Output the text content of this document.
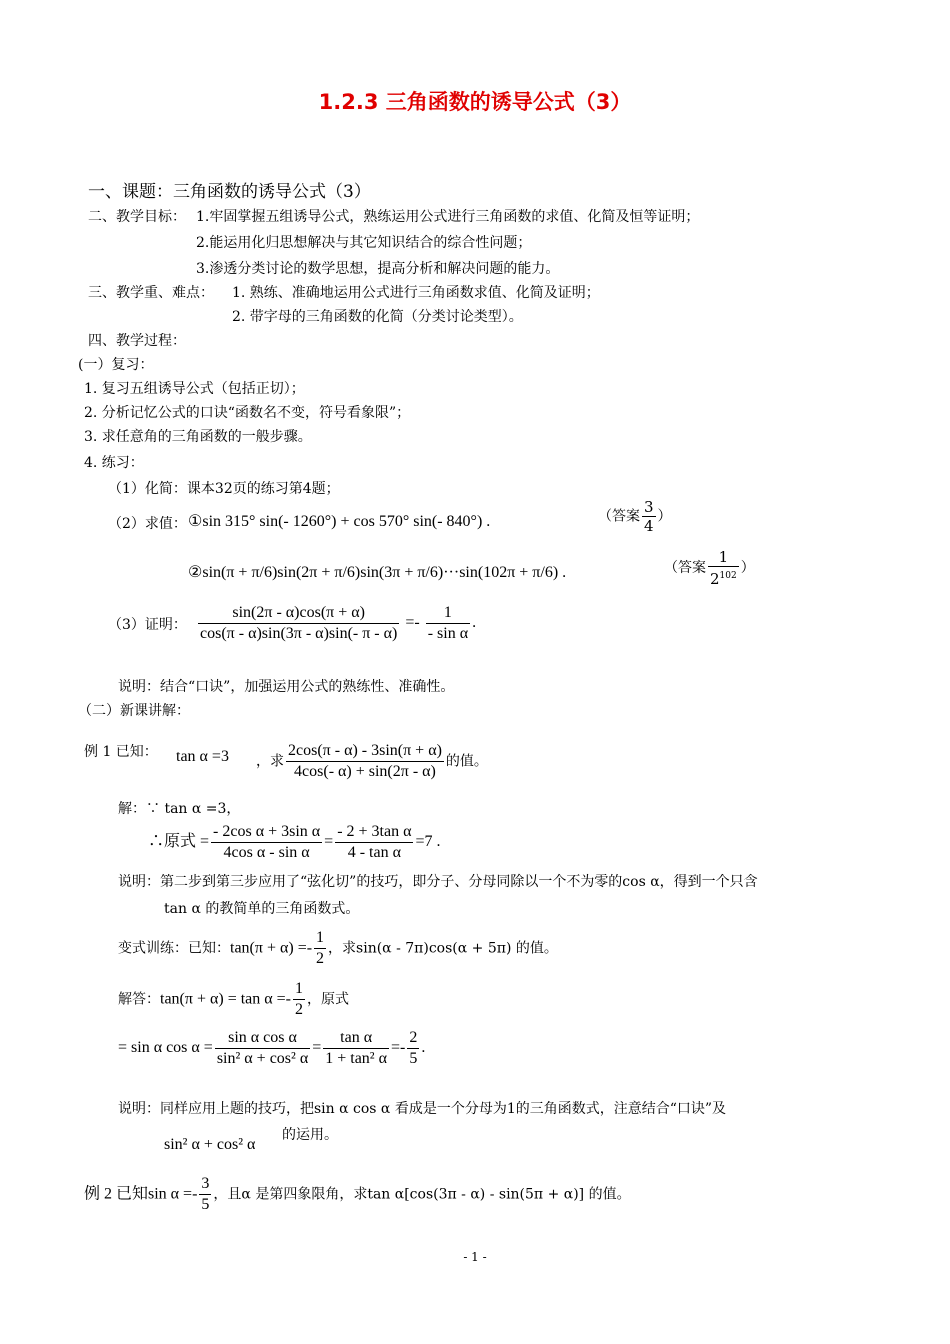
1.2.3 三角函数的诱导公式（3）
一、课题：三角函数的诱导公式（3）
二、教学目标： 1.牢固掌握五组诱导公式，熟练运用公式进行三角函数的求值、化简及恒等证明；
2.能运用化归思想解决与其它知识结合的综合性问题；
3.渗透分类讨论的数学思想，提高分析和解决问题的能力。
三、教学重、难点： 1. 熟练、准确地运用公式进行三角函数求值、化简及证明；
2. 带字母的三角函数的化简（分类讨论类型）。
四、教学过程：
(一）复习：
1. 复习五组诱导公式（包括正切）；
2. 分析记忆公式的口诀“函数名不变，符号看象限”；
3. 求任意角的三角函数的一般步骤。
4. 练习：
（1）化简：课本32页的练习第4题；
（2）求值： ①sin 315° sin(- 1260°) + cos 570° sin(- 840°) .	（答案 $\frac{3}{4}$ ）
②sin(π + π/6)sin(2π + π/6)sin(3π + π/6)···sin(102π + π/6) .	（答案 $\frac{1}{2^{102}}$ ）
（3）证明： $\frac{\sin(2\pi - \alpha)\cos(\pi + \alpha)}{\cos(\pi - \alpha)\sin(3\pi - \alpha)\sin(- \pi - \alpha)} =- \frac{1}{\text{- sin α}}$ .
说明：结合“口诀”，加强运用公式的熟练性、准确性。
（二）新课讲解：
例 1 已知： tan α =3 ，求 $\frac{2\cos(\pi - \alpha) - 3\sin(\pi + \alpha)}{4\cos(- \alpha) + \sin(2\pi - \alpha)}$ 的值。
解：∵ tan α =3，
∴原式 = $\frac{\text{- 2cos α + 3sin α}}{\text{4cos α - sin α}} = \frac{\text{- 2 + 3tan α}}{\text{4 - tan α}} =7$ .
说明：第二步到第三步应用了“弦化切”的技巧，即分子、分母同除以一个不为零的cos α，得到一个只含
tan α 的教简单的三角函数式。
变式训练：已知：$\tan(\pi + \alpha) =- \frac{1}{2}$ ，求sin(α - 7π)cos(α + 5π) 的值。
解答：$\tan(\pi + \alpha) = \tan \alpha =- \frac{1}{2}$ ，原式
= sin α $\cos \alpha = \frac{\text{sin α cos α}}{\text{sin² α + cos² α}} = \frac{\text{tan α}}{\text{1 + tan² α}} =- \frac{2}{5}$ .
说明：同样应用上题的技巧，把sin α cos α 看成是一个分母为1的三角函数式，注意结合“口诀”及
sin² α + cos² α
的运用。
例 2 已知$\sin \alpha =- \frac{3}{5}$ ，且α 是第四象限角，求tan α[cos(3π - α) - sin(5π + α)] 的值。
- 1 -
